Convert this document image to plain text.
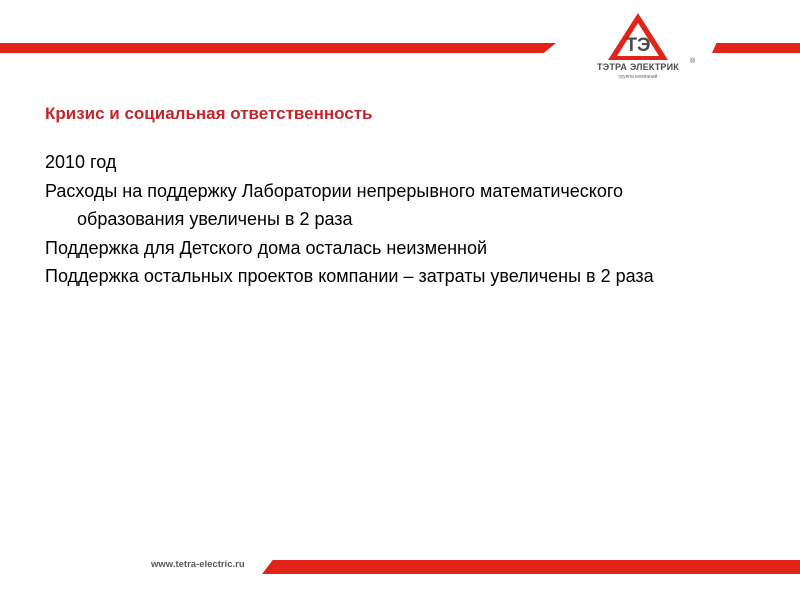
ТЭ
ТЭТРА ЭЛЕКТРИК
®
группа компаний
Кризис и социальная ответственность

2010 год

Расходы на поддержку Лаборатории непрерывного математического образования увеличены в 2 раза

Поддержка для Детского дома осталась неизменной

Поддержка остальных проектов компании – затраты увеличены в 2 раза

www.tetra-electric.ru
